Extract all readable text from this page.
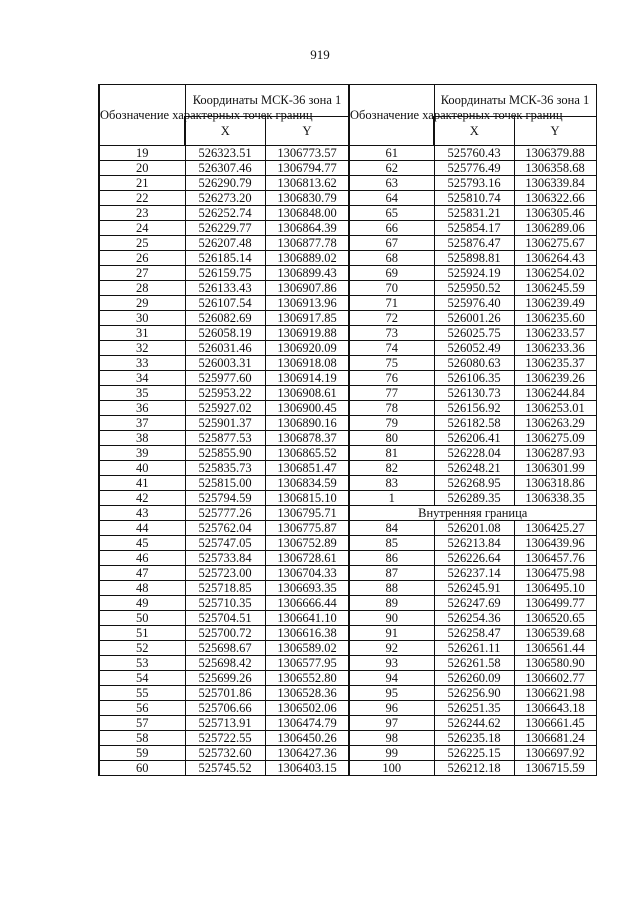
919
Обозначение характерных точек границ	Координаты МСК-36 зона 1	
	X	Y
19	526323.51	1306773.57
20	526307.46	1306794.77
21	526290.79	1306813.62
22	526273.20	1306830.79
23	526252.74	1306848.00
24	526229.77	1306864.39
25	526207.48	1306877.78
26	526185.14	1306889.02
27	526159.75	1306899.43
28	526133.43	1306907.86
29	526107.54	1306913.96
30	526082.69	1306917.85
31	526058.19	1306919.88
32	526031.46	1306920.09
33	526003.31	1306918.08
34	525977.60	1306914.19
35	525953.22	1306908.61
36	525927.02	1306900.45
37	525901.37	1306890.16
38	525877.53	1306878.37
39	525855.90	1306865.52
40	525835.73	1306851.47
41	525815.00	1306834.59
42	525794.59	1306815.10
43	525777.26	1306795.71
44	525762.04	1306775.87
45	525747.05	1306752.89
46	525733.84	1306728.61
47	525723.00	1306704.33
48	525718.85	1306693.35
49	525710.35	1306666.44
50	525704.51	1306641.10
51	525700.72	1306616.38
52	525698.67	1306589.02
53	525698.42	1306577.95
54	525699.26	1306552.80
55	525701.86	1306528.36
56	525706.66	1306502.06
57	525713.91	1306474.79
58	525722.55	1306450.26
59	525732.60	1306427.36
60	525745.52	1306403.15
Обозначение характерных точек границ	Координаты МСК-36 зона 1	
	X	Y
61	525760.43	1306379.88
62	525776.49	1306358.68
63	525793.16	1306339.84
64	525810.74	1306322.66
65	525831.21	1306305.46
66	525854.17	1306289.06
67	525876.47	1306275.67
68	525898.81	1306264.43
69	525924.19	1306254.02
70	525950.52	1306245.59
71	525976.40	1306239.49
72	526001.26	1306235.60
73	526025.75	1306233.57
74	526052.49	1306233.36
75	526080.63	1306235.37
76	526106.35	1306239.26
77	526130.73	1306244.84
78	526156.92	1306253.01
79	526182.58	1306263.29
80	526206.41	1306275.09
81	526228.04	1306287.93
82	526248.21	1306301.99
83	526268.95	1306318.86
1	526289.35	1306338.35
Внутренняя граница		
84	526201.08	1306425.27
85	526213.84	1306439.96
86	526226.64	1306457.76
87	526237.14	1306475.98
88	526245.91	1306495.10
89	526247.69	1306499.77
90	526254.36	1306520.65
91	526258.47	1306539.68
92	526261.11	1306561.44
93	526261.58	1306580.90
94	526260.09	1306602.77
95	526256.90	1306621.98
96	526251.35	1306643.18
97	526244.62	1306661.45
98	526235.18	1306681.24
99	526225.15	1306697.92
100	526212.18	1306715.59
